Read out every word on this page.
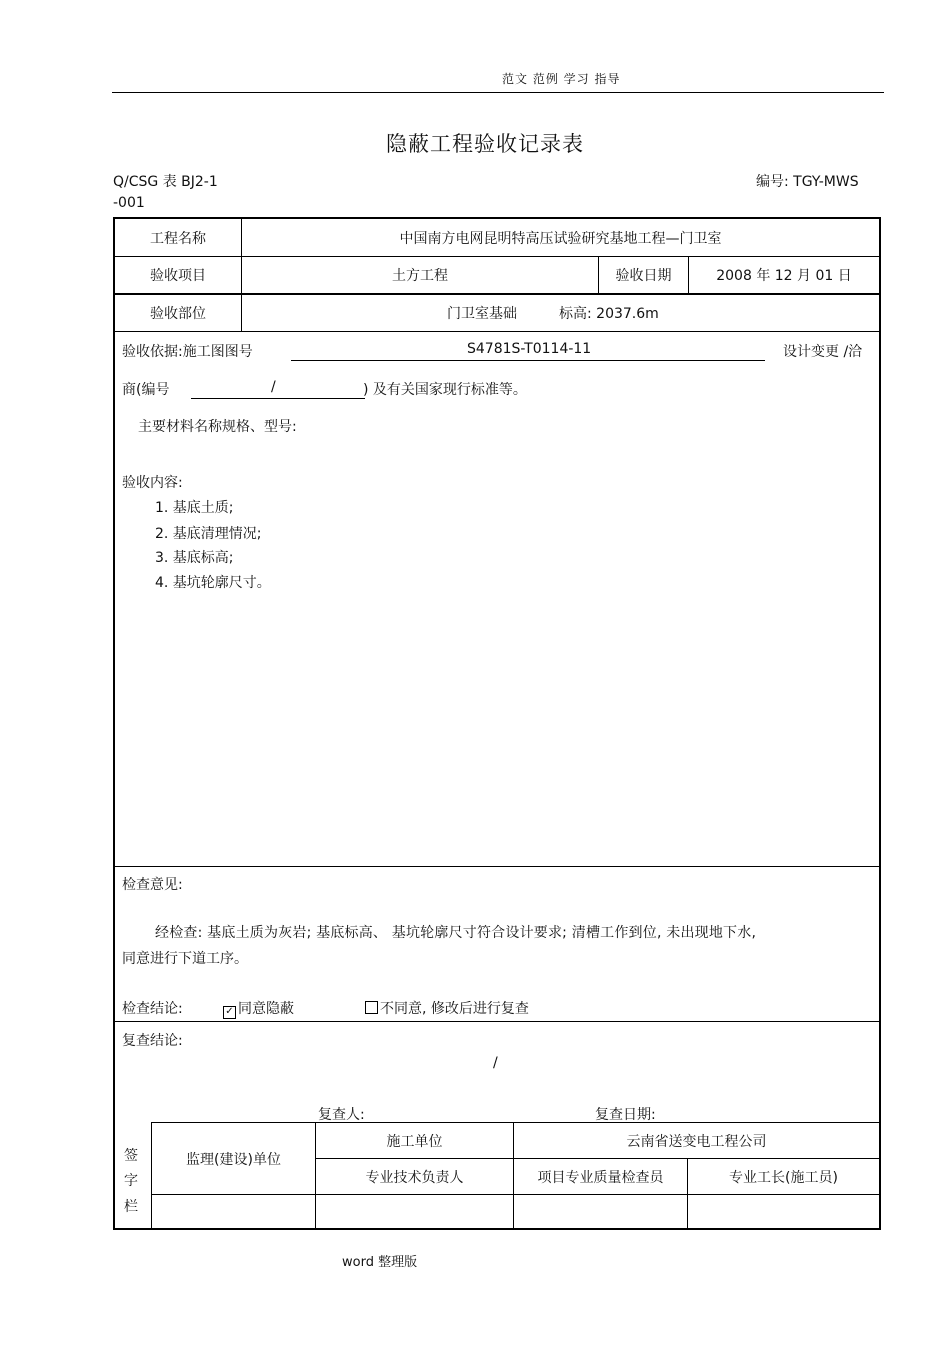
范文 范例 学习 指导
隐蔽工程验收记录表
Q/CSG 表 BJ2-1
-001
编号: TGY-MWS
工程名称	中国南方电网昆明特高压试验研究基地工程—门卫室
验收项目	土方工程	验收日期	2008 年 12 月 01 日
验收部位	门卫室基础	标高: 2037.6m
验收依据:施工图图号	S4781S-T0114-11	设计变更 /洽
商(编号	/	) 及有关国家现行标准等。
主要材料名称规格、型号:
验收内容:
1. 基底土质;
2. 基底清理情况;
3. 基底标高;
4. 基坑轮廓尺寸。
检查意见:
经检查: 基底土质为灰岩; 基底标高、 基坑轮廓尺寸符合设计要求; 清槽工作到位, 未出现地下水,
同意进行下道工序。
检查结论:	✓ 同意隐蔽	不同意, 修改后进行复查
复查结论:
/
复查人:	复查日期:
签
字
栏
监理(建设)单位
施工单位	云南省送变电工程公司
专业技术负责人	项目专业质量检查员	专业工长(施工员)
word 整理版
